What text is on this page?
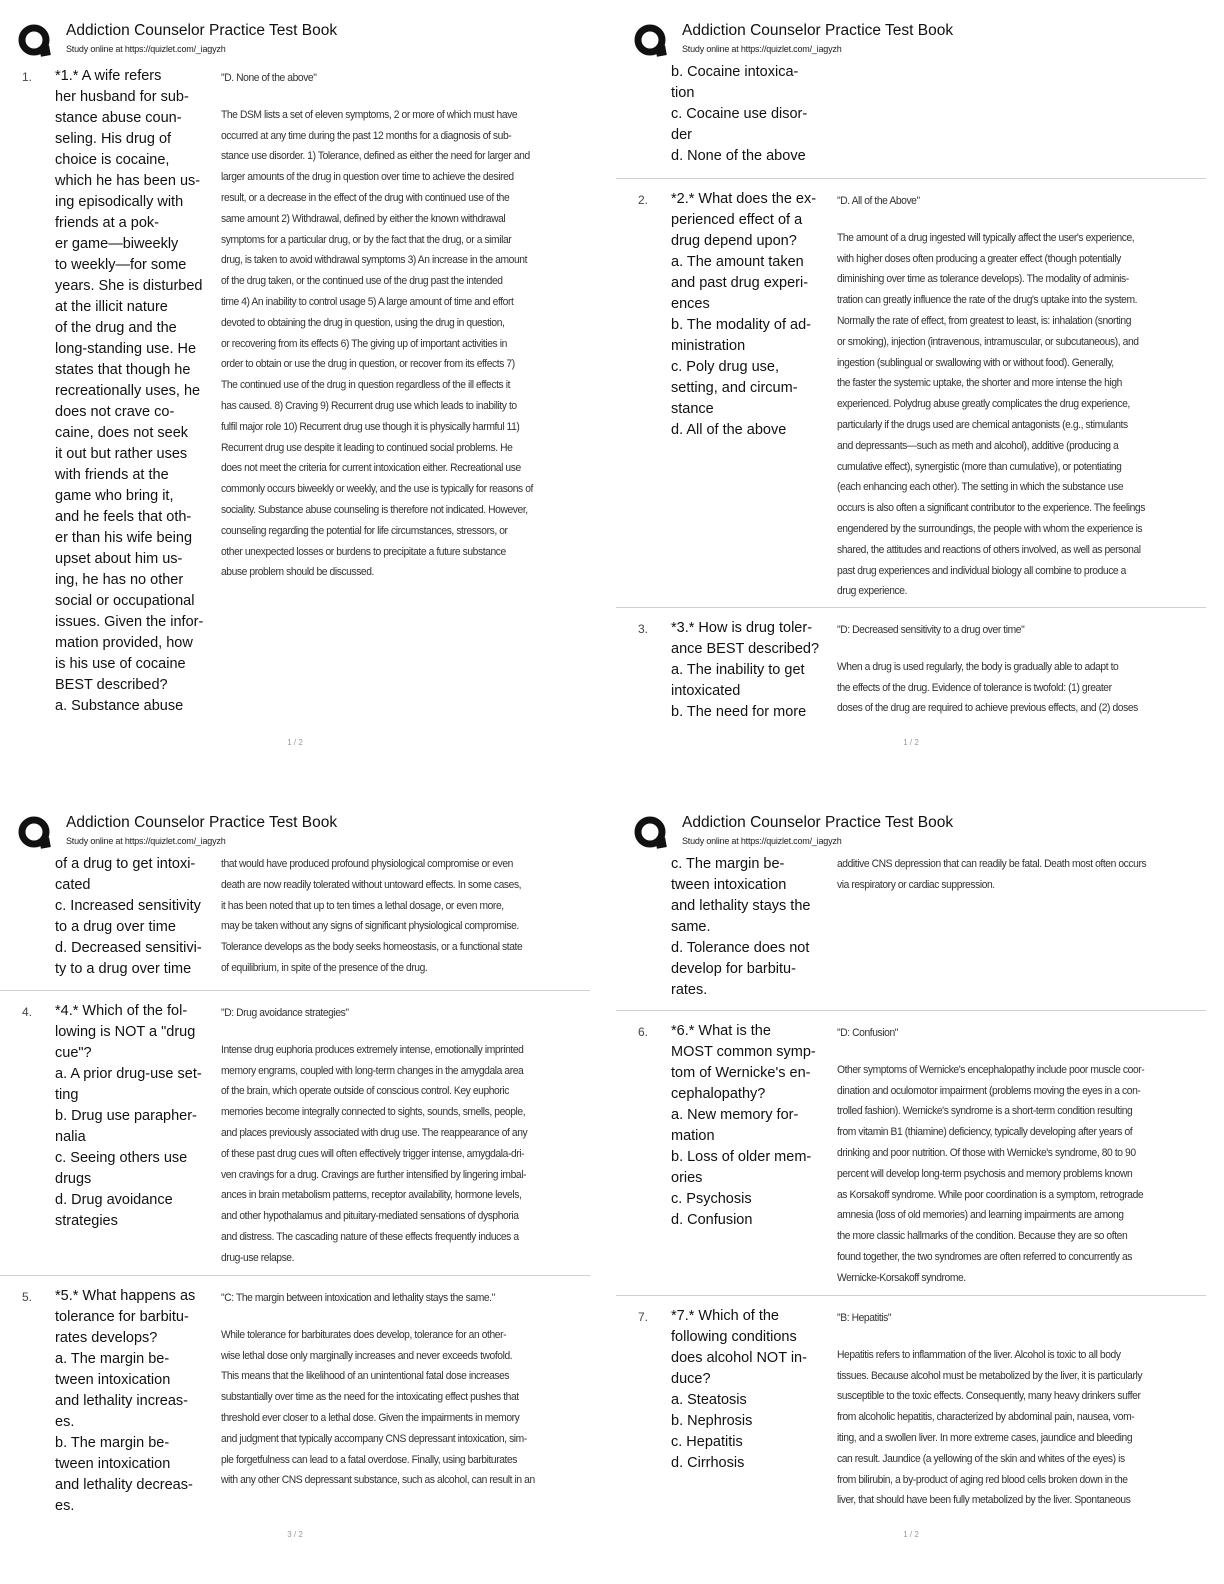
Addiction Counselor Practice Test Book
Study online at https://quizlet.com/_iagyzh
1. *1.* A wife refers
her husband for sub-
stance abuse coun-
seling. His drug of
choice is cocaine,
which he has been us-
ing episodically with
friends at a pok-
er game—biweekly
to weekly—for some
years. She is disturbed
at the illicit nature
of the drug and the
long-standing use. He
states that though he
recreationally uses, he
does not crave co-
caine, does not seek
it out but rather uses
with friends at the
game who bring it,
and he feels that oth-
er than his wife being
upset about him us-
ing, he has no other
social or occupational
issues. Given the infor-
mation provided, how
is his use of cocaine
BEST described?
a. Substance abuse
"D. None of the above"
The DSM lists a set of eleven symptoms, 2 or more of which must have
occurred at any time during the past 12 months for a diagnosis of sub-
stance use disorder. 1) Tolerance, defined as either the need for larger and
larger amounts of the drug in question over time to achieve the desired
result, or a decrease in the effect of the drug with continued use of the
same amount 2) Withdrawal, defined by either the known withdrawal
symptoms for a particular drug, or by the fact that the drug, or a similar
drug, is taken to avoid withdrawal symptoms 3) An increase in the amount
of the drug taken, or the continued use of the drug past the intended
time 4) An inability to control usage 5) A large amount of time and effort
devoted to obtaining the drug in question, using the drug in question,
or recovering from its effects 6) The giving up of important activities in
order to obtain or use the drug in question, or recover from its effects 7)
The continued use of the drug in question regardless of the ill effects it
has caused. 8) Craving 9) Recurrent drug use which leads to inability to
fulfil major role 10) Recurrent drug use though it is physically harmful 11)
Recurrent drug use despite it leading to continued social problems. He
does not meet the criteria for current intoxication either. Recreational use
commonly occurs biweekly or weekly, and the use is typically for reasons of
sociality. Substance abuse counseling is therefore not indicated. However,
counseling regarding the potential for life circumstances, stressors, or
other unexpected losses or burdens to precipitate a future substance
abuse problem should be discussed.
1 / 2
Addiction Counselor Practice Test Book
Study online at https://quizlet.com/_iagyzh
b. Cocaine intoxica-
tion
c. Cocaine use disor-
der
d. None of the above
2. *2.* What does the ex-
perienced effect of a
drug depend upon?
a. The amount taken
and past drug experi-
ences
b. The modality of ad-
ministration
c. Poly drug use,
setting, and circum-
stance
d. All of the above
"D. All of the Above"
The amount of a drug ingested will typically affect the user's experience,
with higher doses often producing a greater effect (though potentially
diminishing over time as tolerance develops). The modality of adminis-
tration can greatly influence the rate of the drug's uptake into the system.
Normally the rate of effect, from greatest to least, is: inhalation (snorting
or smoking), injection (intravenous, intramuscular, or subcutaneous), and
ingestion (sublingual or swallowing with or without food). Generally,
the faster the systemic uptake, the shorter and more intense the high
experienced. Polydrug abuse greatly complicates the drug experience,
particularly if the drugs used are chemical antagonists (e.g., stimulants
and depressants—such as meth and alcohol), additive (producing a
cumulative effect), synergistic (more than cumulative), or potentiating
(each enhancing each other). The setting in which the substance use
occurs is also often a significant contributor to the experience. The feelings
engendered by the surroundings, the people with whom the experience is
shared, the attitudes and reactions of others involved, as well as personal
past drug experiences and individual biology all combine to produce a
drug experience.
3. *3.* How is drug toler-
ance BEST described?
a. The inability to get
intoxicated
b. The need for more
"D: Decreased sensitivity to a drug over time"
When a drug is used regularly, the body is gradually able to adapt to
the effects of the drug. Evidence of tolerance is twofold: (1) greater
doses of the drug are required to achieve previous effects, and (2) doses
1 / 2
Addiction Counselor Practice Test Book
Study online at https://quizlet.com/_iagyzh
of a drug to get intoxi-
cated
c. Increased sensitivity
to a drug over time
d. Decreased sensitivi-
ty to a drug over time
that would have produced profound physiological compromise or even
death are now readily tolerated without untoward effects. In some cases,
it has been noted that up to ten times a lethal dosage, or even more,
may be taken without any signs of significant physiological compromise.
Tolerance develops as the body seeks homeostasis, or a functional state
of equilibrium, in spite of the presence of the drug.
4. *4.* Which of the fol-
lowing is NOT a "drug
cue"?
a. A prior drug-use set-
ting
b. Drug use parapher-
nalia
c. Seeing others use
drugs
d. Drug avoidance
strategies
"D: Drug avoidance strategies"
Intense drug euphoria produces extremely intense, emotionally imprinted
memory engrams, coupled with long-term changes in the amygdala area
of the brain, which operate outside of conscious control. Key euphoric
memories become integrally connected to sights, sounds, smells, people,
and places previously associated with drug use. The reappearance of any
of these past drug cues will often effectively trigger intense, amygdala-dri-
ven cravings for a drug. Cravings are further intensified by lingering imbal-
ances in brain metabolism patterns, receptor availability, hormone levels,
and other hypothalamus and pituitary-mediated sensations of dysphoria
and distress. The cascading nature of these effects frequently induces a
drug-use relapse.
5. *5.* What happens as
tolerance for barbitu-
rates develops?
a. The margin be-
tween intoxication
and lethality increas-
es.
b. The margin be-
tween intoxication
and lethality decreas-
es.
"C: The margin between intoxication and lethality stays the same."
While tolerance for barbiturates does develop, tolerance for an other-
wise lethal dose only marginally increases and never exceeds twofold.
This means that the likelihood of an unintentional fatal dose increases
substantially over time as the need for the intoxicating effect pushes that
threshold ever closer to a lethal dose. Given the impairments in memory
and judgment that typically accompany CNS depressant intoxication, sim-
ple forgetfulness can lead to a fatal overdose. Finally, using barbiturates
with any other CNS depressant substance, such as alcohol, can result in an
3 / 2
Addiction Counselor Practice Test Book
Study online at https://quizlet.com/_iagyzh
c. The margin be-
tween intoxication
and lethality stays the
same.
d. Tolerance does not
develop for barbitu-
rates.
additive CNS depression that can readily be fatal. Death most often occurs
via respiratory or cardiac suppression.
6. *6.* What is the
MOST common symp-
tom of Wernicke's en-
cephalopathy?
a. New memory for-
mation
b. Loss of older mem-
ories
c. Psychosis
d. Confusion
"D: Confusion"
Other symptoms of Wernicke's encephalopathy include poor muscle coor-
dination and oculomotor impairment (problems moving the eyes in a con-
trolled fashion). Wernicke's syndrome is a short-term condition resulting
from vitamin B1 (thiamine) deficiency, typically developing after years of
drinking and poor nutrition. Of those with Wernicke's syndrome, 80 to 90
percent will develop long-term psychosis and memory problems known
as Korsakoff syndrome. While poor coordination is a symptom, retrograde
amnesia (loss of old memories) and learning impairments are among
the more classic hallmarks of the condition. Because they are so often
found together, the two syndromes are often referred to concurrently as
Wernicke-Korsakoff syndrome.
7. *7.* Which of the
following conditions
does alcohol NOT in-
duce?
a. Steatosis
b. Nephrosis
c. Hepatitis
d. Cirrhosis
"B: Hepatitis"
Hepatitis refers to inflammation of the liver. Alcohol is toxic to all body
tissues. Because alcohol must be metabolized by the liver, it is particularly
susceptible to the toxic effects. Consequently, many heavy drinkers suffer
from alcoholic hepatitis, characterized by abdominal pain, nausea, vom-
iting, and a swollen liver. In more extreme cases, jaundice and bleeding
can result. Jaundice (a yellowing of the skin and whites of the eyes) is
from bilirubin, a by-product of aging red blood cells broken down in the
liver, that should have been fully metabolized by the liver. Spontaneous
1 / 2
